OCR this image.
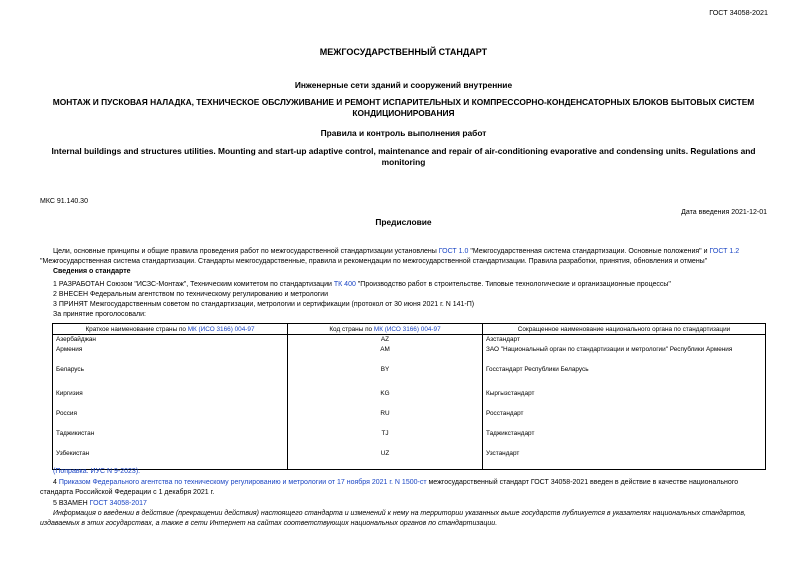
ГОСТ 34058-2021
МЕЖГОСУДАРСТВЕННЫЙ СТАНДАРТ
Инженерные сети зданий и сооружений внутренние
МОНТАЖ И ПУСКОВАЯ НАЛАДКА, ТЕХНИЧЕСКОЕ ОБСЛУЖИВАНИЕ И РЕМОНТ ИСПАРИТЕЛЬНЫХ И КОМПРЕССОРНО-КОНДЕНСАТОРНЫХ БЛОКОВ БЫТОВЫХ СИСТЕМ КОНДИЦИОНИРОВАНИЯ
Правила и контроль выполнения работ
Internal buildings and structures utilities. Mounting and start-up adaptive control, maintenance and repair of air-conditioning evaporative and condensing units. Regulations and monitoring
МКС 91.140.30
Дата введения 2021-12-01
Предисловие
Цели, основные принципы и общие правила проведения работ по межгосударственной стандартизации установлены ГОСТ 1.0 "Межгосударственная система стандартизации. Основные положения" и ГОСТ 1.2 "Межгосударственная система стандартизации. Стандарты межгосударственные, правила и рекомендации по межгосударственной стандартизации. Правила разработки, принятия, обновления и отмены"
Сведения о стандарте
1 РАЗРАБОТАН Союзом "ИСЗС-Монтаж", Техническим комитетом по стандартизации ТК 400 "Производство работ в строительстве. Типовые технологические и организационные процессы"
2 ВНЕСЕН Федеральным агентством по техническому регулированию и метрологии
3 ПРИНЯТ Межгосударственным советом по стандартизации, метрологии и сертификации (протокол от 30 июня 2021 г. N 141-П)
За принятие проголосовали:
Краткое наименование страны по МК (ИСО 3166) 004-97	Код страны по МК (ИСО 3166) 004-97	Сокращенное наименование национального органа по стандартизации
Азербайджан	AZ	Азстандарт
Армения	AM	ЗАО "Национальный орган по стандартизации и метрологии" Республики Армения
Беларусь	BY	Госстандарт Республики Беларусь
Киргизия	KG	Кыргызстандарт
Россия	RU	Росстандарт
Таджикистан	TJ	Таджикстандарт
Узбекистан	UZ	Узстандарт
(Поправка. ИУС N 9-2023).
4 Приказом Федерального агентства по техническому регулированию и метрологии от 17 ноября 2021 г. N 1500-ст межгосударственный стандарт ГОСТ 34058-2021 введен в действие в качестве национального стандарта Российской Федерации с 1 декабря 2021 г.
5 ВЗАМЕН ГОСТ 34058-2017
Информация о введении в действие (прекращении действия) настоящего стандарта и изменений к нему на территории указанных выше государств публикуется в указателях национальных стандартов, издаваемых в этих государствах, а также в сети Интернет на сайтах соответствующих национальных органов по стандартизации.
